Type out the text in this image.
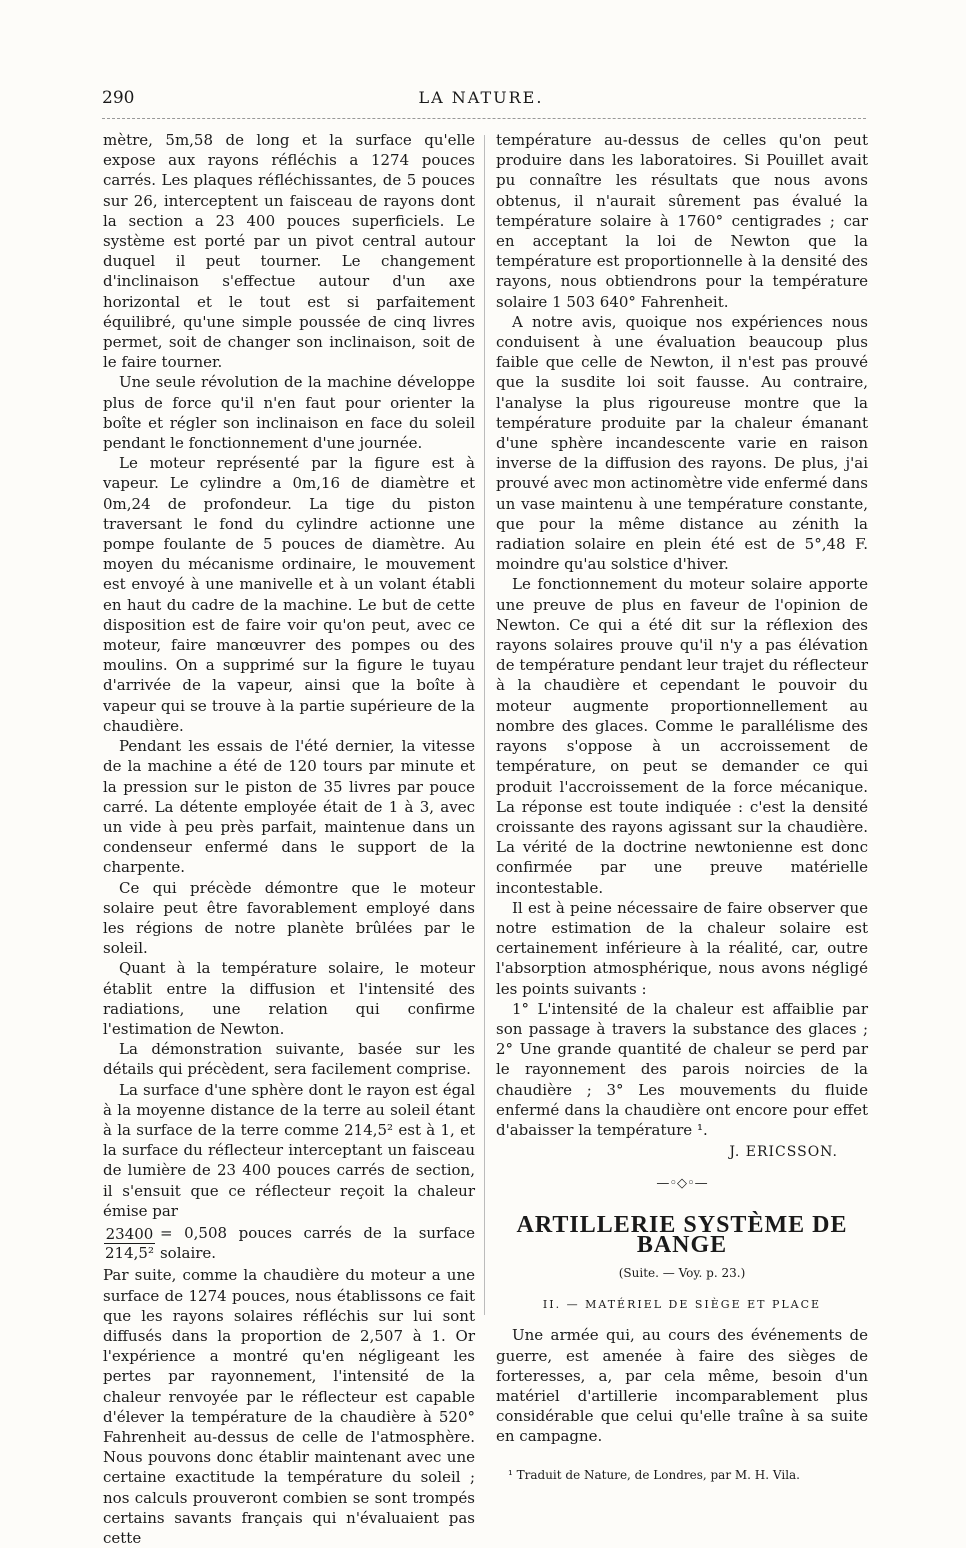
290	LA NATURE.

mètre, 5m,58 de long et la surface qu'elle expose aux rayons réfléchis a 1274 pouces carrés. Les plaques réfléchissantes, de 5 pouces sur 26, interceptent un faisceau de rayons dont la section a 23 400 pouces superficiels. Le système est porté par un pivot central autour duquel il peut tourner. Le changement d'inclinaison s'effectue autour d'un axe horizontal et le tout est si parfaitement équilibré, qu'une simple poussée de cinq livres permet, soit de changer son inclinaison, soit de le faire tourner.

Une seule révolution de la machine développe plus de force qu'il n'en faut pour orienter la boîte et régler son inclinaison en face du soleil pendant le fonctionnement d'une journée.

Le moteur représenté par la figure est à vapeur. Le cylindre a 0m,16 de diamètre et 0m,24 de profondeur. La tige du piston traversant le fond du cylindre actionne une pompe foulante de 5 pouces de diamètre. Au moyen du mécanisme ordinaire, le mouvement est envoyé à une manivelle et à un volant établi en haut du cadre de la machine. Le but de cette disposition est de faire voir qu'on peut, avec ce moteur, faire manœuvrer des pompes ou des moulins. On a supprimé sur la figure le tuyau d'arrivée de la vapeur, ainsi que la boîte à vapeur qui se trouve à la partie supérieure de la chaudière.

Pendant les essais de l'été dernier, la vitesse de la machine a été de 120 tours par minute et la pression sur le piston de 35 livres par pouce carré. La détente employée était de 1 à 3, avec un vide à peu près parfait, maintenue dans un condenseur enfermé dans le support de la charpente.

Ce qui précède démontre que le moteur solaire peut être favorablement employé dans les régions de notre planète brûlées par le soleil.

Quant à la température solaire, le moteur établit entre la diffusion et l'intensité des radiations, une relation qui confirme l'estimation de Newton.

La démonstration suivante, basée sur les détails qui précèdent, sera facilement comprise.

La surface d'une sphère dont le rayon est égal à la moyenne distance de la terre au soleil étant à la surface de la terre comme 214,5² est à 1, et la surface du réflecteur interceptant un faisceau de lumière de 23 400 pouces carrés de section, il s'ensuit que ce réflecteur reçoit la chaleur émise par

$\frac{23400}{\text{214,5²}} = 0,508$ pouces carrés de la surface solaire.

Par suite, comme la chaudière du moteur a une surface de 1274 pouces, nous établissons ce fait que les rayons solaires réfléchis sur lui sont diffusés dans la proportion de 2,507 à 1. Or l'expérience a montré qu'en négligeant les pertes par rayonnement, l'intensité de la chaleur renvoyée par le réflecteur est capable d'élever la température de la chaudière à 520° Fahrenheit au-dessus de celle de l'atmosphère. Nous pouvons donc établir maintenant avec une certaine exactitude la température du soleil ; nos calculs prouveront combien se sont trompés certains savants français qui n'évaluaient pas cette

température au-dessus de celles qu'on peut produire dans les laboratoires. Si Pouillet avait pu connaître les résultats que nous avons obtenus, il n'aurait sûrement pas évalué la température solaire à 1760° centigrades ; car en acceptant la loi de Newton que la température est proportionnelle à la densité des rayons, nous obtiendrons pour la température solaire 1 503 640° Fahrenheit.

A notre avis, quoique nos expériences nous conduisent à une évaluation beaucoup plus faible que celle de Newton, il n'est pas prouvé que la susdite loi soit fausse. Au contraire, l'analyse la plus rigoureuse montre que la température produite par la chaleur émanant d'une sphère incandescente varie en raison inverse de la diffusion des rayons. De plus, j'ai prouvé avec mon actinomètre vide enfermé dans un vase maintenu à une température constante, que pour la même distance au zénith la radiation solaire en plein été est de 5°,48 F. moindre qu'au solstice d'hiver.

Le fonctionnement du moteur solaire apporte une preuve de plus en faveur de l'opinion de Newton. Ce qui a été dit sur la réflexion des rayons solaires prouve qu'il n'y a pas élévation de température pendant leur trajet du réflecteur à la chaudière et cependant le pouvoir du moteur augmente proportionnellement au nombre des glaces. Comme le parallélisme des rayons s'oppose à un accroissement de température, on peut se demander ce qui produit l'accroissement de la force mécanique. La réponse est toute indiquée : c'est la densité croissante des rayons agissant sur la chaudière. La vérité de la doctrine newtonienne est donc confirmée par une preuve matérielle incontestable.

Il est à peine nécessaire de faire observer que notre estimation de la chaleur solaire est certainement inférieure à la réalité, car, outre l'absorption atmosphérique, nous avons négligé les points suivants :

1° L'intensité de la chaleur est affaiblie par son passage à travers la substance des glaces ; 2° Une grande quantité de chaleur se perd par le rayonnement des parois noircies de la chaudière ; 3° Les mouvements du fluide enfermé dans la chaudière ont encore pour effet d'abaisser la température ¹.

J. ERICSSON.
—◦◇◦—
ARTILLERIE SYSTÈME DE BANGE
(Suite. — Voy. p. 23.)
II. — MATÉRIEL DE SIÈGE ET PLACE

Une armée qui, au cours des événements de guerre, est amenée à faire des sièges de forteresses, a, par cela même, besoin d'un matériel d'artillerie incomparablement plus considérable que celui qu'elle traîne à sa suite en campagne.

¹ Traduit de Nature, de Londres, par M. H. Vila.
